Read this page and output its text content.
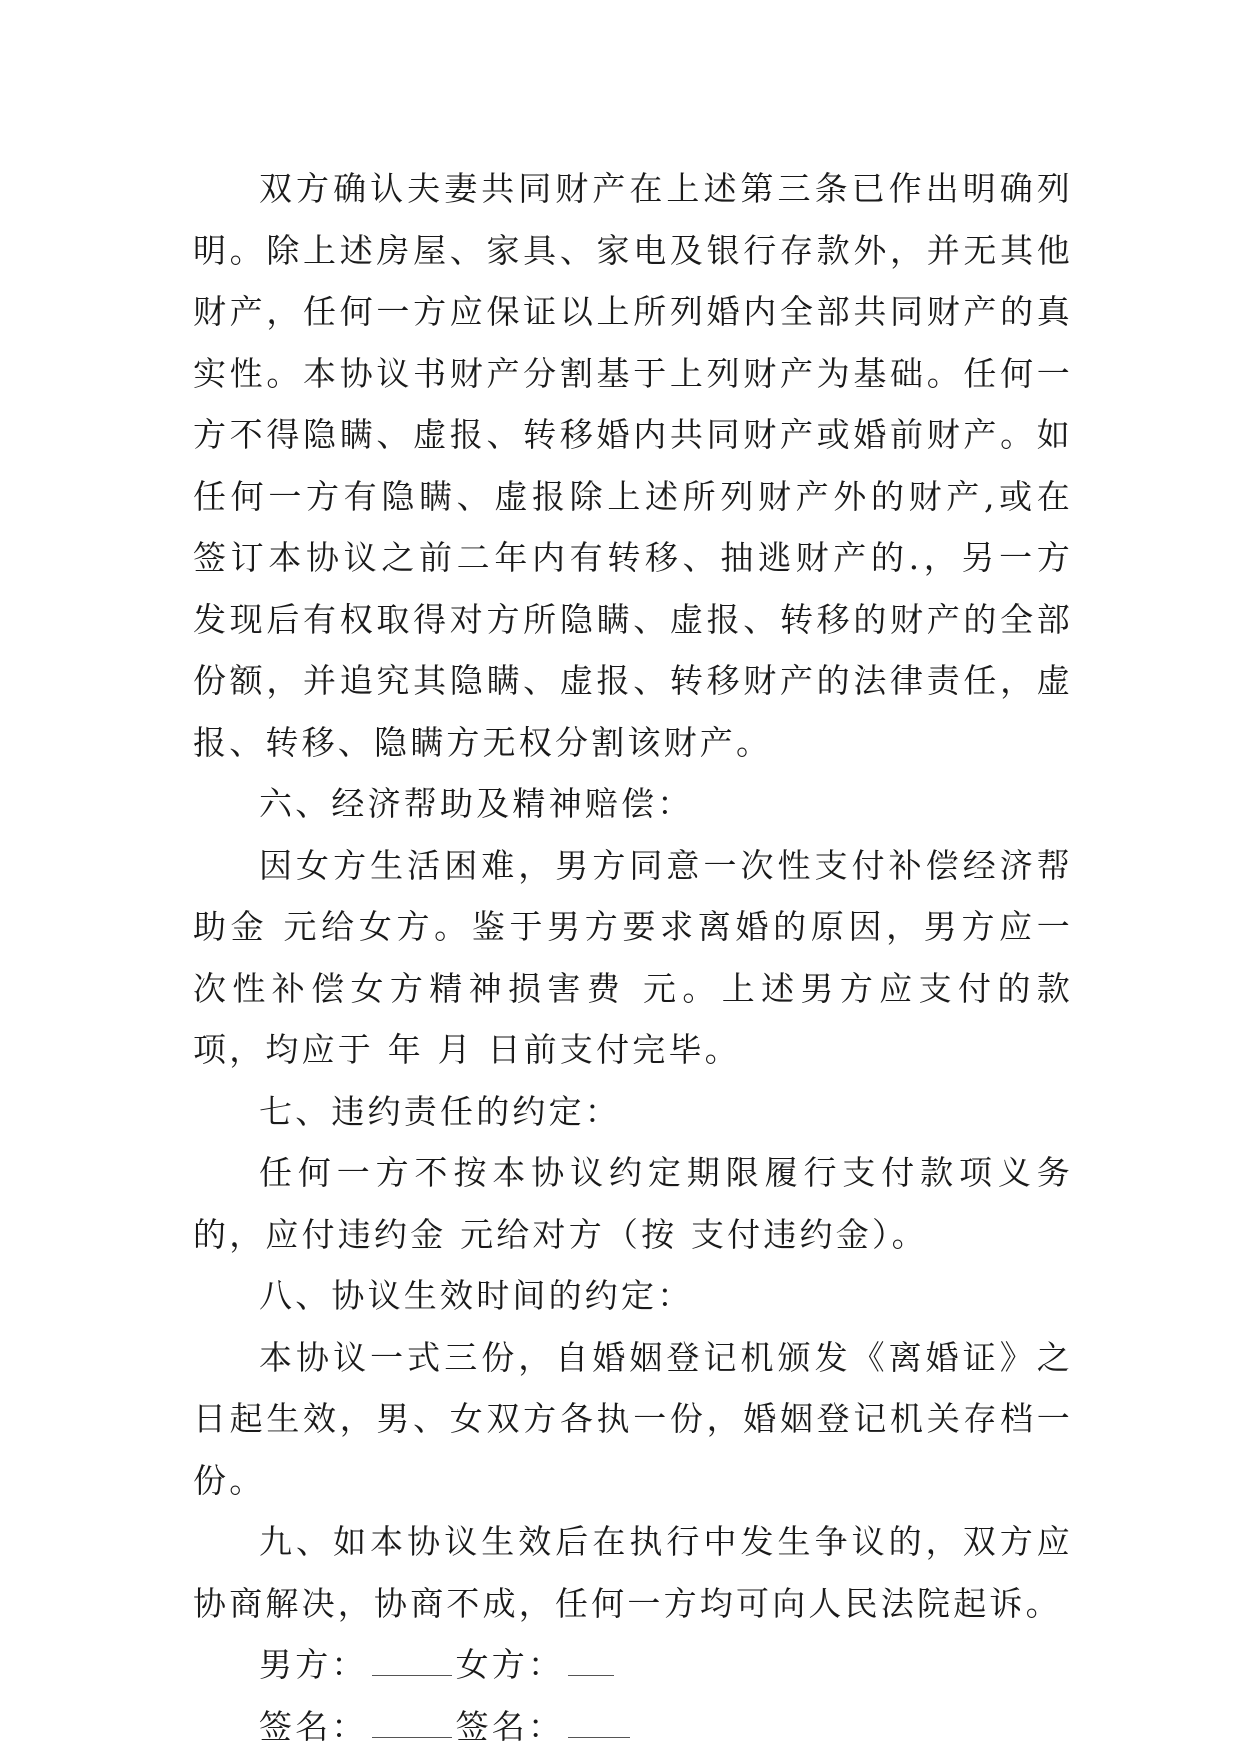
双方确认夫妻共同财产在上述第三条已作出明确列明。除上述房屋、家具、家电及银行存款外，并无其他财产，任何一方应保证以上所列婚内全部共同财产的真实性。本协议书财产分割基于上列财产为基础。任何一方不得隐瞒、虚报、转移婚内共同财产或婚前财产。如任何一方有隐瞒、虚报除上述所列财产外的财产,或在签订本协议之前二年内有转移、抽逃财产的.，另一方发现后有权取得对方所隐瞒、虚报、转移的财产的全部份额，并追究其隐瞒、虚报、转移财产的法律责任，虚报、转移、隐瞒方无权分割该财产。

六、经济帮助及精神赔偿：

因女方生活困难，男方同意一次性支付补偿经济帮助金 元给女方。鉴于男方要求离婚的原因，男方应一次性补偿女方精神损害费 元。上述男方应支付的款项，均应于 年 月 日前支付完毕。

七、违约责任的约定：

任何一方不按本协议约定期限履行支付款项义务的，应付违约金 元给对方（按 支付违约金）。

八、协议生效时间的约定：

本协议一式三份，自婚姻登记机颁发《离婚证》之日起生效，男、女双方各执一份，婚姻登记机关存档一份。

九、如本协议生效后在执行中发生争议的，双方应协商解决，协商不成，任何一方均可向人民法院起诉。

男方：	女方：
签名：	签名：
